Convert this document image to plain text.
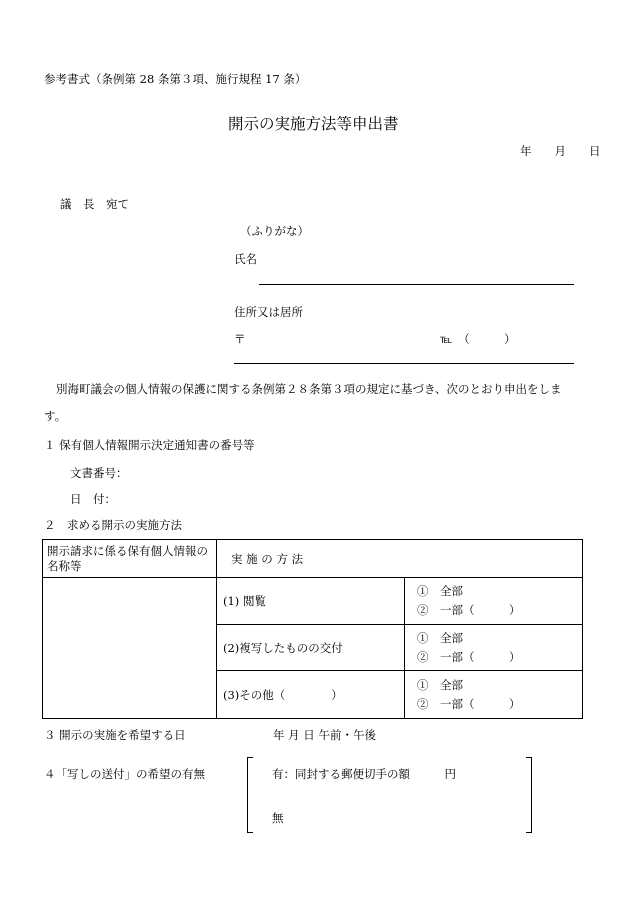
参考書式（条例第 28 条第３項、施行規程 17 条）
開示の実施方法等申出書
年　　月　　日
議　長　宛て
（ふりがな）
氏名
住所又は居所
〒	℡　（　　　）
別海町議会の個人情報の保護に関する条例第２８条第３項の規定に基づき、次のとおり申出をしま
す。
１ 保有個人情報開示決定通知書の番号等
文書番号：
日　付：
２　求める開示の実施方法
開示請求に係る保有個人情報の名称等	実 施 の 方 法	
	(1) 閲覧	①　全部
②　一部（　　　）

	(2)複写したものの交付	①　全部
②　一部（　　　）

	(3)その他（　　　　）	①　全部
②　一部（　　　）
３ 開示の実施を希望する日	年 月 日 午前・午後
４「写しの送付」の希望の有無	有：同封する郵便切手の額　　　円
無
